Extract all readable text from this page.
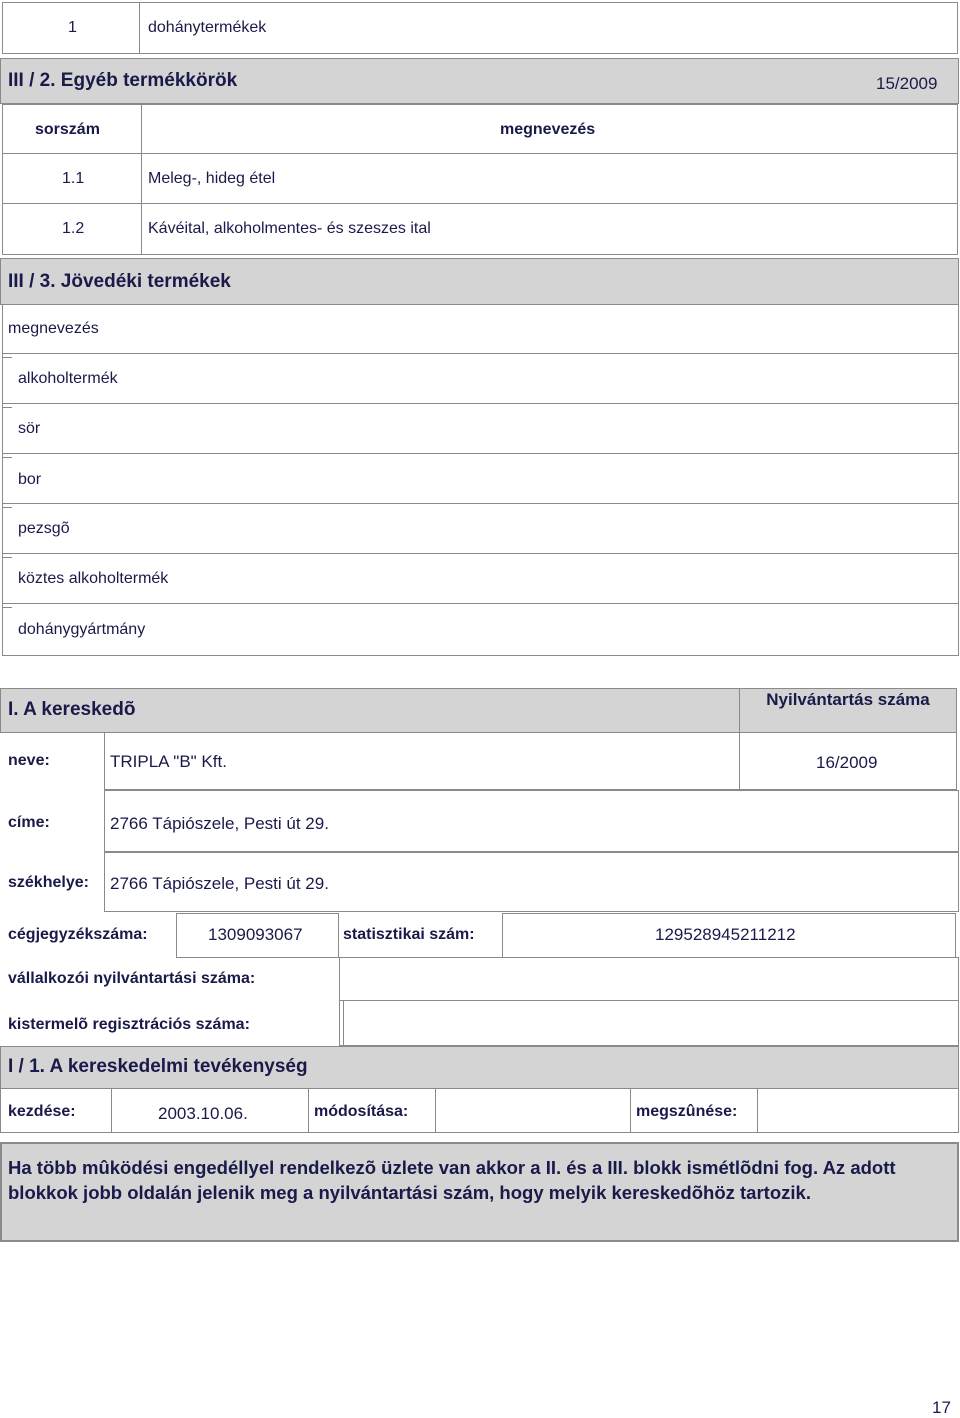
1	dohánytermékek
III / 2. Egyéb termékkörök	15/2009
sorszám	megnevezés
1.1	Meleg-, hideg étel
1.2	Kávéital, alkoholmentes- és szeszes ital
III / 3. Jövedéki termékek
megnevezés
alkoholtermék
sör
bor
pezsgõ
köztes alkoholtermék
dohánygyártmány
I. A kereskedõ	Nyilvántartás száma
neve:	TRIPLA "B" Kft.	16/2009
címe:	2766 Tápiószele, Pesti út 29.
székhelye: 2766 Tápiószele, Pesti út 29.
cégjegyzékszáma:	1309093067	statisztikai szám:	129528945211212
vállalkozói nyilvántartási száma:
kistermelõ regisztrációs száma:
I / 1. A kereskedelmi tevékenység
kezdése:	2003.10.06.	módosítása:	megszûnése:
Ha több mûködési engedéllyel rendelkezõ üzlete van akkor a II. és a III. blokk ismétlõdni fog. Az adott blokkok jobb oldalán jelenik meg a nyilvántartási szám, hogy melyik kereskedõhöz tartozik.
17
